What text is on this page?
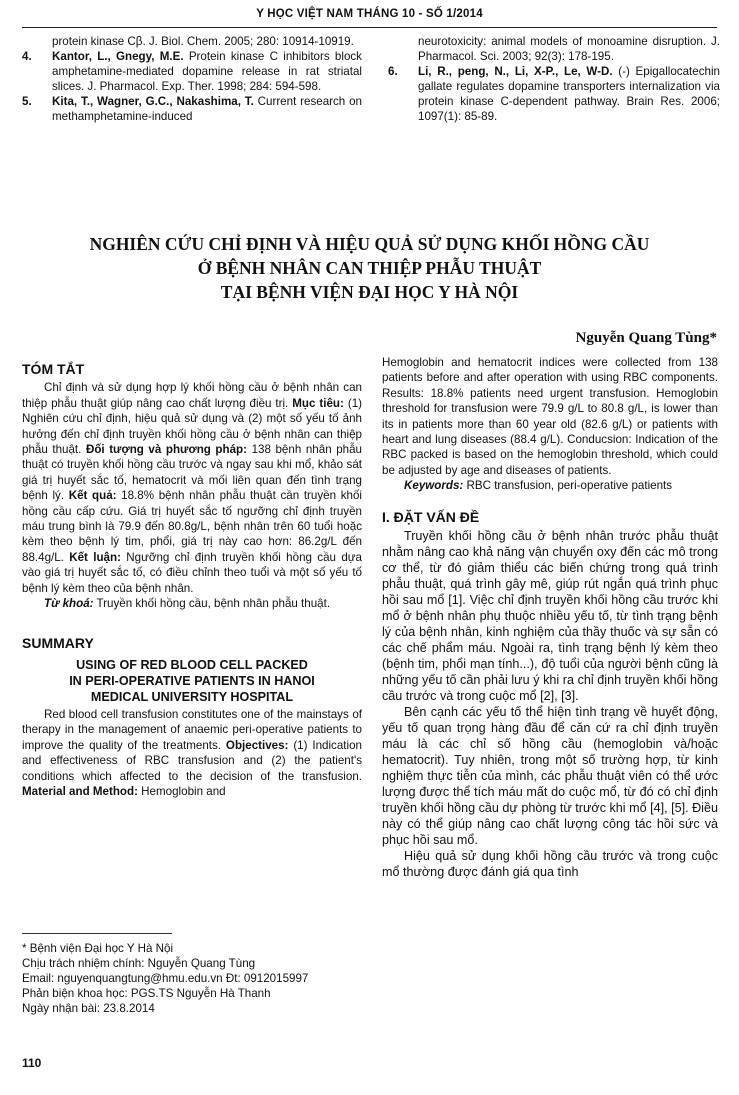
Y HỌC VIỆT NAM THÁNG 10 - SỐ 1/2014
protein kinase Cβ. J. Biol. Chem. 2005; 280: 10914-10919.
4.	Kantor, L., Gnegy, M.E. Protein kinase C inhibitors block amphetamine-mediated dopamine release in rat striatal slices. J. Pharmacol. Exp. Ther. 1998; 284: 594-598.
5.	Kita, T., Wagner, G.C., Nakashima, T. Current research on methamphetamine-induced
neurotoxicity: animal models of monoamine disruption. J. Pharmacol. Sci. 2003; 92(3): 178-195.
6.	Li, R., peng, N., Li, X-P., Le, W-D. (-) Epigallocatechin gallate regulates dopamine transporters internalization via protein kinase C-dependent pathway. Brain Res. 2006; 1097(1): 85-89.
NGHIÊN CỨU CHỈ ĐỊNH VÀ HIỆU QUẢ SỬ DỤNG KHỐI HỒNG CẦU
Ở BỆNH NHÂN CAN THIỆP PHẪU THUẬT
TẠI BỆNH VIỆN ĐẠI HỌC Y HÀ NỘI
Nguyễn Quang Tùng*
TÓM TẮT

Chỉ định và sử dụng hợp lý khối hồng cầu ở bệnh nhân can thiệp phẫu thuật giúp nâng cao chất lượng điều trị. Mục tiêu: (1) Nghiên cứu chỉ định, hiệu quả sử dụng và (2) một số yếu tố ảnh hưởng đến chỉ định truyền khối hồng cầu ở bệnh nhân can thiệp phẫu thuật. Đối tượng và phương pháp: 138 bệnh nhân phẫu thuật có truyền khối hồng cầu trước và ngay sau khi mổ, khảo sát giá trị huyết sắc tố, hematocrit và mối liên quan đến tình trạng bệnh lý. Kết quả: 18.8% bệnh nhân phẫu thuật cần truyền khối hồng cầu cấp cứu. Giá trị huyết sắc tố ngưỡng chỉ định truyền máu trung bình là 79.9 đến 80.8g/L, bệnh nhân trên 60 tuổi hoặc kèm theo bệnh lý tim, phổi, giá trị này cao hơn: 86.2g/L đến 88.4g/L. Kết luận: Ngưỡng chỉ định truyền khối hồng cầu dựa vào giá trị huyết sắc tố, có điều chỉnh theo tuổi và một số yếu tố bệnh lý kèm theo của bệnh nhân.

Từ khoá: Truyền khối hồng cầu, bệnh nhân phẫu thuật.

SUMMARY
USING OF RED BLOOD CELL PACKED
IN PERI-OPERATIVE PATIENTS IN HANOI
MEDICAL UNIVERSITY HOSPITAL

Red blood cell transfusion constitutes one of the mainstays of therapy in the management of anaemic peri-operative patients to improve the quality of the treatments. Objectives: (1) Indication and effectiveness of RBC transfusion and (2) the patient's conditions which affected to the decision of the transfusion. Material and Method: Hemoglobin and

Hemoglobin and hematocrit indices were collected from 138 patients before and after operation with using RBC components. Results: 18.8% patients need urgent transfusion. Hemoglobin threshold for transfusion were 79.9 g/L to 80.8 g/L, is lower than its in patients more than 60 year old (82.6 g/L) or patients with heart and lung diseases (88.4 g/L). Conducsion: Indication of the RBC packed is based on the hemoglobin threshold, which could be adjusted by age and diseases of patients.

Keywords: RBC transfusion, peri-operative patients

I. ĐẶT VẤN ĐỀ

Truyền khối hồng cầu ở bệnh nhân trước phẫu thuật nhằm nâng cao khả năng vận chuyển oxy đến các mô trong cơ thể, từ đó giảm thiểu các biến chứng trong quá trình phẫu thuật, quá trình gây mê, giúp rút ngắn quá trình phục hồi sau mổ [1]. Việc chỉ định truyền khối hồng cầu trước khi mổ ở bệnh nhân phụ thuộc nhiều yếu tố, từ tình trạng bệnh lý của bệnh nhân, kinh nghiệm của thầy thuốc và sự sẵn có các chế phẩm máu. Ngoài ra, tình trạng bệnh lý kèm theo (bệnh tim, phổi mạn tính...), độ tuổi của người bệnh cũng là những yếu tố cần phải lưu ý khi ra chỉ định truyền khối hồng cầu trước và trong cuộc mổ [2], [3].

Bên cạnh các yếu tố thể hiện tình trạng về huyết động, yếu tố quan trọng hàng đầu để căn cứ ra chỉ định truyền máu là các chỉ số hồng cầu (hemoglobin và/hoặc hematocrit). Tuy nhiên, trong một số trường hợp, từ kinh nghiệm thực tiễn của mình, các phẫu thuật viên có thể ước lượng được thể tích máu mất do cuộc mổ, từ đó có chỉ định truyền khối hồng cầu dự phòng từ trước khi mổ [4], [5]. Điều này có thể giúp nâng cao chất lượng công tác hồi sức và phục hồi sau mổ.

Hiệu quả sử dụng khối hồng cầu trước và trong cuộc mổ thường được đánh giá qua tình

* Bệnh viện Đại học Y Hà Nội
Chịu trách nhiệm chính: Nguyễn Quang Tùng
Email: nguyenquangtung@hmu.edu.vn Đt: 0912015997
Phản biện khoa học: PGS.TS Nguyễn Hà Thanh
Ngày nhận bài: 23.8.2014
110
